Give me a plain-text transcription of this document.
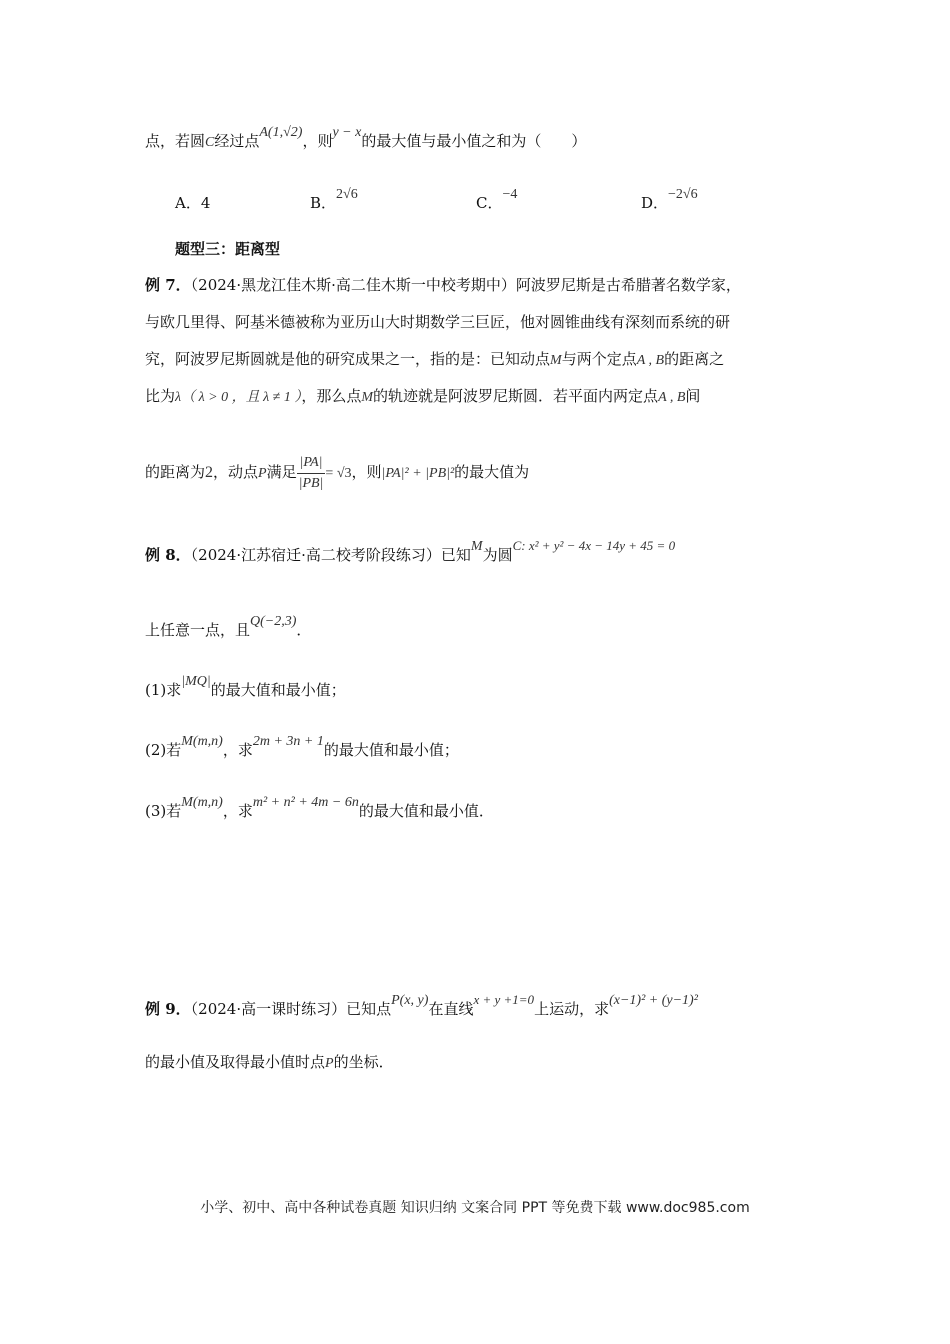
点，若圆C经过点A(1,√2)，则y − x的最大值与最小值之和为（　　）
A．4	B．2√6	C．−4	D．−2√6
题型三：距离型
例 7．（2024·黑龙江佳木斯·高二佳木斯一中校考期中）阿波罗尼斯是古希腊著名数学家，
与欧几里得、阿基米德被称为亚历山大时期数学三巨匠，他对圆锥曲线有深刻而系统的研
究，阿波罗尼斯圆就是他的研究成果之一，指的是：已知动点M与两个定点A , B的距离之
比为λ（ λ > 0 ，且 λ ≠ 1 ），那么点M的轨迹就是阿波罗尼斯圆．若平面内两定点A , B间
的距离为2，动点P满足 $\frac{|PA|}{|PB|} = √3$，则|PA|² + |PB|²的最大值为
例 8．（2024·江苏宿迁·高二校考阶段练习）已知M为圆C: x² + y² − 4x − 14y + 45 = 0
上任意一点，且Q(−2,3)．
(1)求|MQ|的最大值和最小值；
(2)若M(m,n)，求2m + 3n + 1的最大值和最小值；
(3)若M(m,n)，求m² + n² + 4m − 6n的最大值和最小值．
例 9．（2024·高一课时练习）已知点P(x, y)在直线x + y +1=0上运动，求(x−1)² + (y−1)²
的最小值及取得最小值时点P的坐标．
小学、初中、高中各种试卷真题 知识归纳 文案合同 PPT 等免费下载 www.doc985.com
